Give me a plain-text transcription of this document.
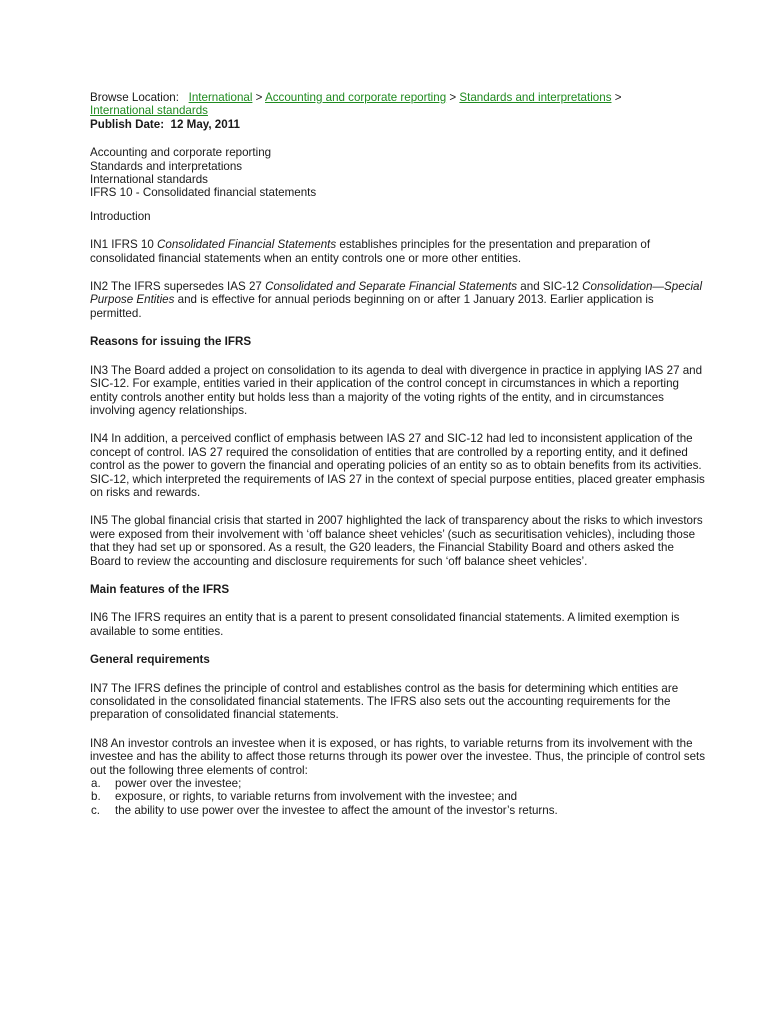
Browse Location: International > Accounting and corporate reporting > Standards and interpretations >
International standards
Publish Date: 12 May, 2011
Accounting and corporate reporting
Standards and interpretations
International standards
IFRS 10 - Consolidated financial statements

Introduction

IN1 IFRS 10 Consolidated Financial Statements establishes principles for the presentation and preparation of consolidated financial statements when an entity controls one or more other entities.

IN2 The IFRS supersedes IAS 27 Consolidated and Separate Financial Statements and SIC-12 Consolidation—Special Purpose Entities and is effective for annual periods beginning on or after 1 January 2013. Earlier application is permitted.

Reasons for issuing the IFRS

IN3 The Board added a project on consolidation to its agenda to deal with divergence in practice in applying IAS 27 and SIC-12. For example, entities varied in their application of the control concept in circumstances in which a reporting entity controls another entity but holds less than a majority of the voting rights of the entity, and in circumstances involving agency relationships.

IN4 In addition, a perceived conflict of emphasis between IAS 27 and SIC-12 had led to inconsistent application of the concept of control. IAS 27 required the consolidation of entities that are controlled by a reporting entity, and it defined control as the power to govern the financial and operating policies of an entity so as to obtain benefits from its activities. SIC-12, which interpreted the requirements of IAS 27 in the context of special purpose entities, placed greater emphasis on risks and rewards.

IN5 The global financial crisis that started in 2007 highlighted the lack of transparency about the risks to which investors were exposed from their involvement with ‘off balance sheet vehicles’ (such as securitisation vehicles), including those that they had set up or sponsored. As a result, the G20 leaders, the Financial Stability Board and others asked the Board to review the accounting and disclosure requirements for such ‘off balance sheet vehicles’.

Main features of the IFRS

IN6 The IFRS requires an entity that is a parent to present consolidated financial statements. A limited exemption is available to some entities.

General requirements

IN7 The IFRS defines the principle of control and establishes control as the basis for determining which entities are consolidated in the consolidated financial statements. The IFRS also sets out the accounting requirements for the preparation of consolidated financial statements.

IN8 An investor controls an investee when it is exposed, or has rights, to variable returns from its involvement with the investee and has the ability to affect those returns through its power over the investee. Thus, the principle of control sets out the following three elements of control:

a.	power over the investee;
b.	exposure, or rights, to variable returns from involvement with the investee; and
c.	the ability to use power over the investee to affect the amount of the investor’s returns.
